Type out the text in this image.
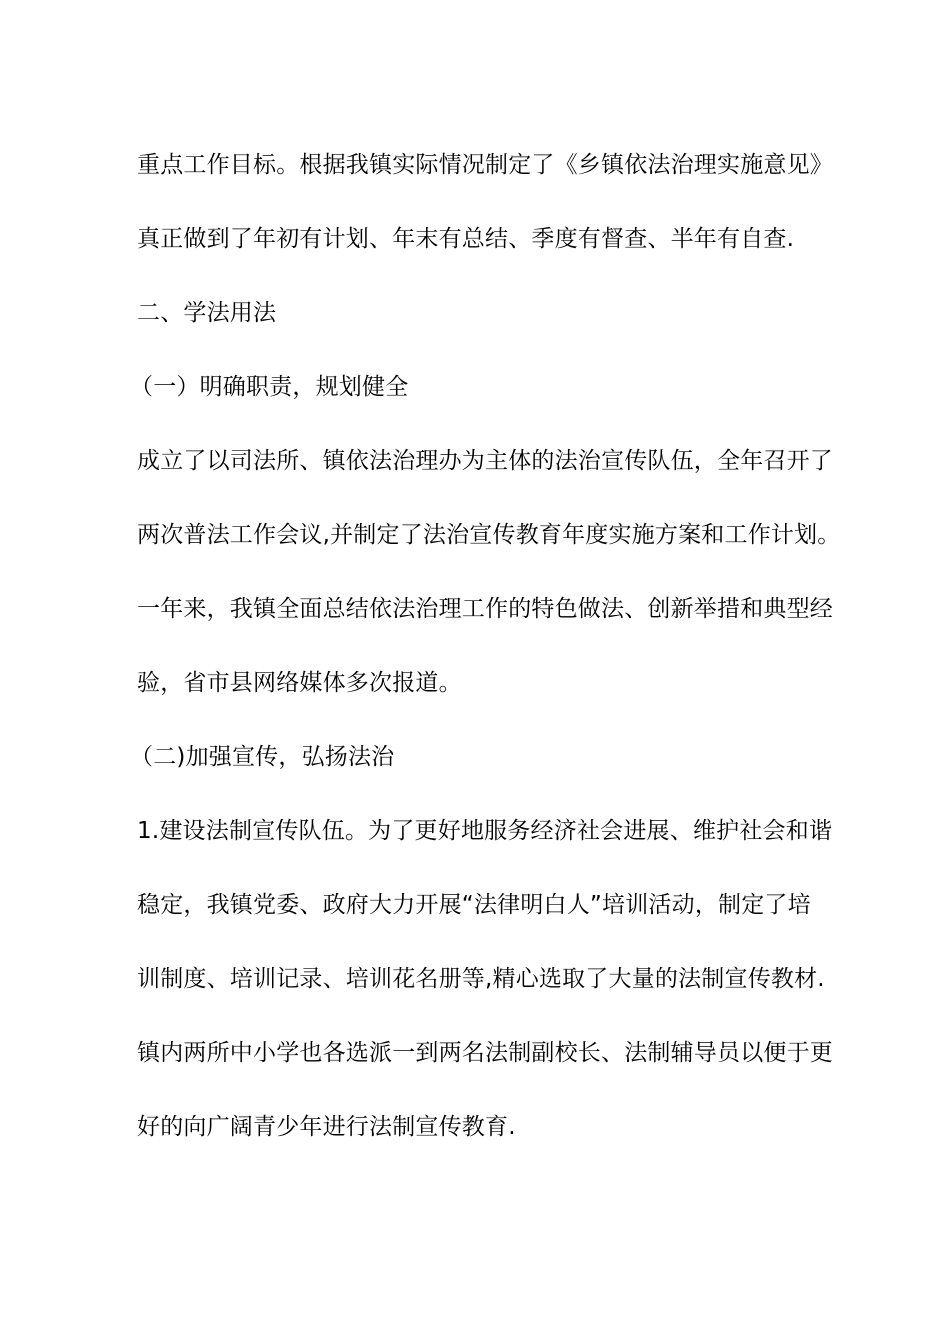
重点工作目标。根据我镇实际情况制定了《乡镇依法治理实施意见》
真正做到了年初有计划、年末有总结、季度有督查、半年有自查.
二、学法用法
（一）明确职责，规划健全
成立了以司法所、镇依法治理办为主体的法治宣传队伍，全年召开了
两次普法工作会议,并制定了法治宣传教育年度实施方案和工作计划。
一年来，我镇全面总结依法治理工作的特色做法、创新举措和典型经
验，省市县网络媒体多次报道。
（二)加强宣传，弘扬法治
1.建设法制宣传队伍。为了更好地服务经济社会进展、维护社会和谐
稳定，我镇党委、政府大力开展“法律明白人”培训活动，制定了培
训制度、培训记录、培训花名册等,精心选取了大量的法制宣传教材.
镇内两所中小学也各选派一到两名法制副校长、法制辅导员以便于更
好的向广阔青少年进行法制宣传教育.
